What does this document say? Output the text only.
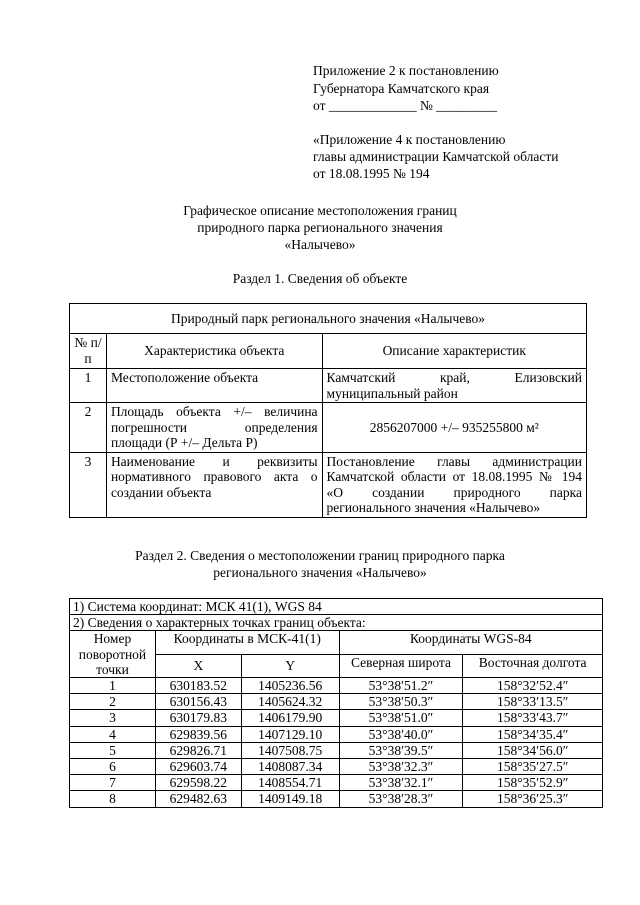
Приложение 2 к постановлению
Губернатора Камчатского края
от _____________ № _________
«Приложение 4 к постановлению
главы администрации Камчатской области
от 18.08.1995 № 194
Графическое описание местоположения границ
природного парка регионального значения
«Налычево»
Раздел 1. Сведения об объекте
Природный парк регионального значения «Налычево»		
№ п/п	Характеристика объекта	Описание характеристик
1	Местоположение объекта	Камчатский край, Елизовский муниципальный район
2	Площадь объекта +/– величина погрешности определения площади (Р +/– Дельта Р)	2856207000 +/– 935255800 м²
3	Наименование и реквизиты нормативного правового акта о создании объекта	Постановление главы администрации Камчатской области от 18.08.1995 № 194 «О создании природного парка регионального значения «Налычево»
Раздел 2. Сведения о местоположении границ природного парка
регионального значения «Налычево»
1) Система координат: МСК 41(1), WGS 84				
2) Сведения о характерных точках границ объекта:				
Номер поворотной точки	Координаты в МСК-41(1)		Координаты WGS-84	
	X	Y	Северная широта	Восточная долгота
1	630183.52	1405236.56	53°38′51.2″	158°32′52.4″
2	630156.43	1405624.32	53°38′50.3″	158°33′13.5″
3	630179.83	1406179.90	53°38′51.0″	158°33′43.7″
4	629839.56	1407129.10	53°38′40.0″	158°34′35.4″
5	629826.71	1407508.75	53°38′39.5″	158°34′56.0″
6	629603.74	1408087.34	53°38′32.3″	158°35′27.5″
7	629598.22	1408554.71	53°38′32.1″	158°35′52.9″
8	629482.63	1409149.18	53°38′28.3″	158°36′25.3″
